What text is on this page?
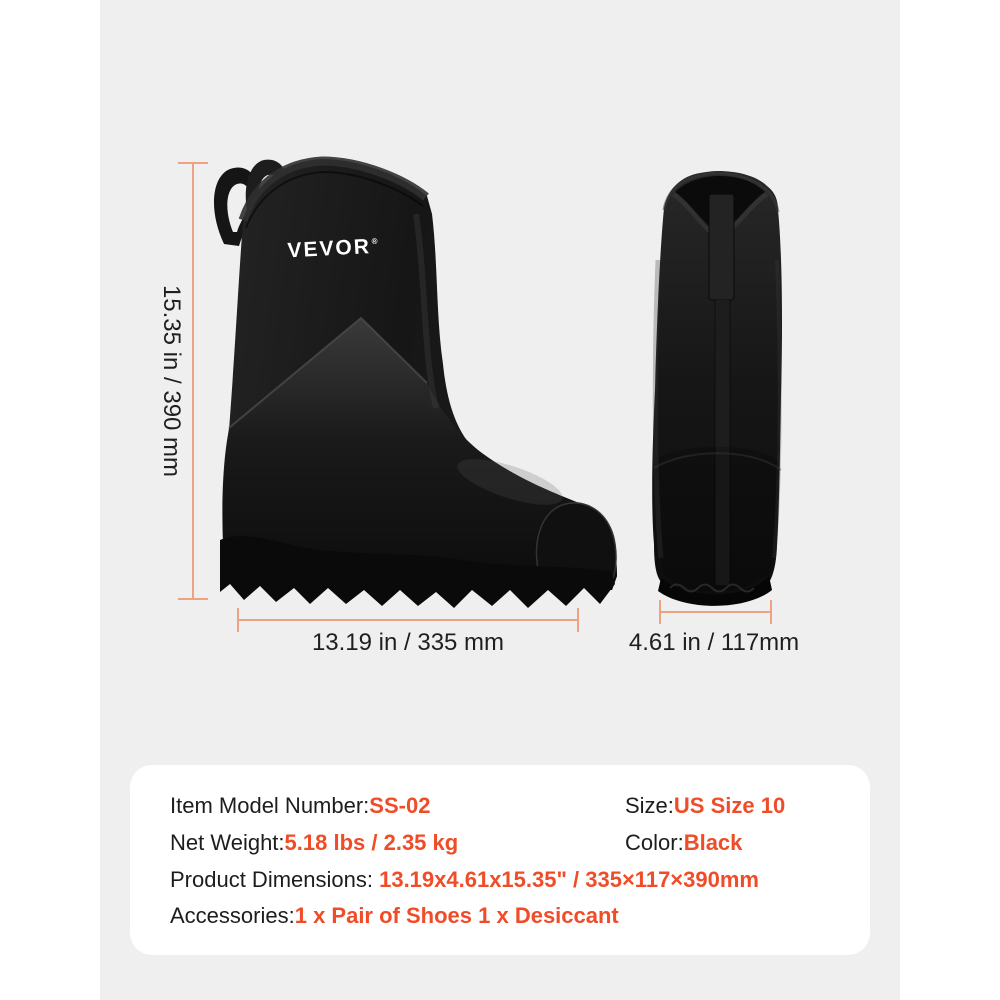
VEVOR®
15.35 in / 390 mm
13.19 in / 335 mm	4.61 in / 117mm
Item Model Number:SS-02	Size:US Size 10
Net Weight:5.18 lbs / 2.35 kg	Color:Black
Product Dimensions: 13.19x4.61x15.35" / 335×117×390mm
Accessories:1 x Pair of Shoes 1 x Desiccant
